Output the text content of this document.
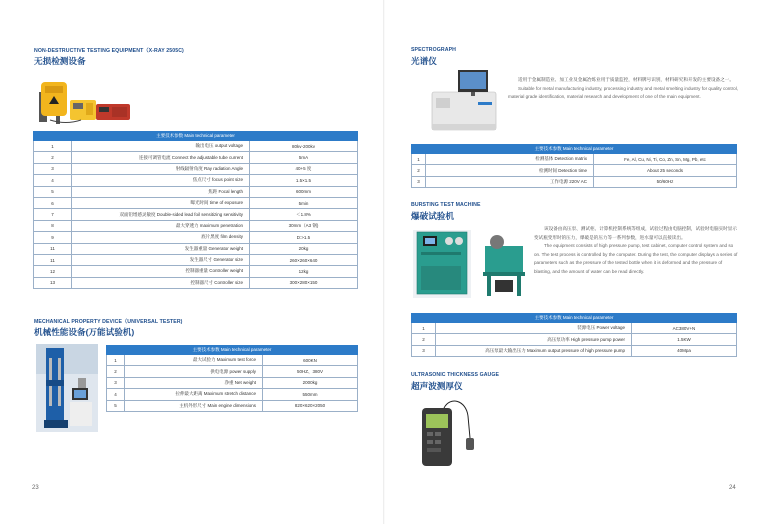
NON-DESTRUCTIVE TESTING EQUIPMENT（X-RAY 2505C)
无损检测设备
主要技术参数 Main technical parameter		
1	输出电压 output voltage	80kv-200kv
2	连接可调管电流 Connect the adjustable tube current	5mA
3	射线辐射角度 Ray radiation Angle	40+5 度
4	焦点尺寸 focus point size	1.5×1.5
5	焦距 Focal length	600mm
6	曝光时间 time of exposure	5min
7	双面铅增感灵敏度 Double-sided lead foil sensitizing sensitivity	＜1.8%
8	最大穿透力 maximum penetration	30mm（A3 钢)
9	底片黑度 film density	D:>1.5
11	发生器重量 Generator weight	20kg
11	发生器尺寸 Generator size	260×260×640
12	控制器重量 Controller weight	12kg
13	控制器尺寸 Controller size	300×280×150
MECHANICAL PROPERTY DEVICE（UNIVERSAL TESTER)
机械性能设备(万能试验机)
主要技术参数 Main technical parameter		
1	最大试验力 Maximum test force	600KN
2	供电电源 power supply	50HZ、380V
3	净重 Net weight	2000kg
4	拉伸最大距离 Maximum stretch distance	550mm
5	主机外形尺寸 Main engine dimensions	820×620×2050
23
SPECTROGRAPH
光谱仪
适用于金属制造业、加工业及金属冶炼业用于质量监控，材料牌号识别，材料研究和开发的主要设备之一。
Suitable for metal manufacturing industry, processing industry and metal smelting industry for quality control, material grade identification, material research and development of one of the main equipment.
主要技术参数 Main technical parameter		
1	检测基体 Detection matrix	Fe, Al, Cu, Ni, Ti, Co, Zn, Sn, Mg, Pb, etc
2	检测时间 Detection time	About 25 seconds
3	工作电源 220V AC	50/60Hz
BURSTING TEST MACHINE
爆破试验机
该设备由高压泵、测试柜、计算机控制系统等组成，试验过程由电脑控制，试验时电脑实时显示变试瓶变形时的压力，爆破是的压力等一系列参数，进水量可以直接读出。
The equipment consists of high pressure pump, test cabinet, computer control system and so on. The test process is controlled by the computer. During the test, the computer displays a series of parameters such as the pressure of the tested bottle when it is deformed and the pressure of blasting, and the amount of water can be read directly.
主要技术参数 Main technical parameter		
1	装源电压 Power voltage	AC380V+N
2	高压泵功率 High pressure pump power	1.5KW
3	高压泵最大输出压力 Maximum output pressure of high pressure pump	40Mpa
ULTRASONIC THICKNESS GAUGE
超声波测厚仪
24
